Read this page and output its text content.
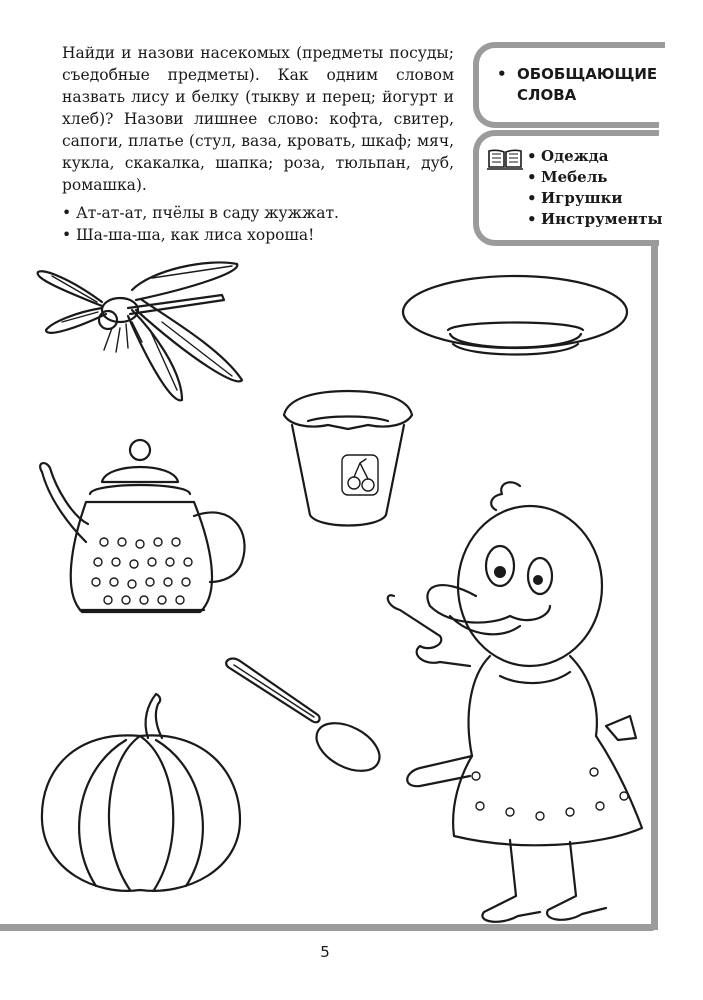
Найди и назови насекомых (предметы посуды; съедобные предметы). Как одним словом назвать лису и белку (тыкву и перец; йогурт и хлеб)? Назови лишнее слово: кофта, свитер, сапоги, платье (стул, ваза, кровать, шкаф; мяч, кукла, скакалка, шапка; роза, тюльпан, дуб, ромашка).

• Ат-ат-ат, пчёлы в саду жужжат.
• Ша-ша-ша, как лиса хороша!
• ОБОБЩАЮЩИЕ
СЛОВА
• Одежда
• Мебель
• Игрушки
• Инструменты
5
